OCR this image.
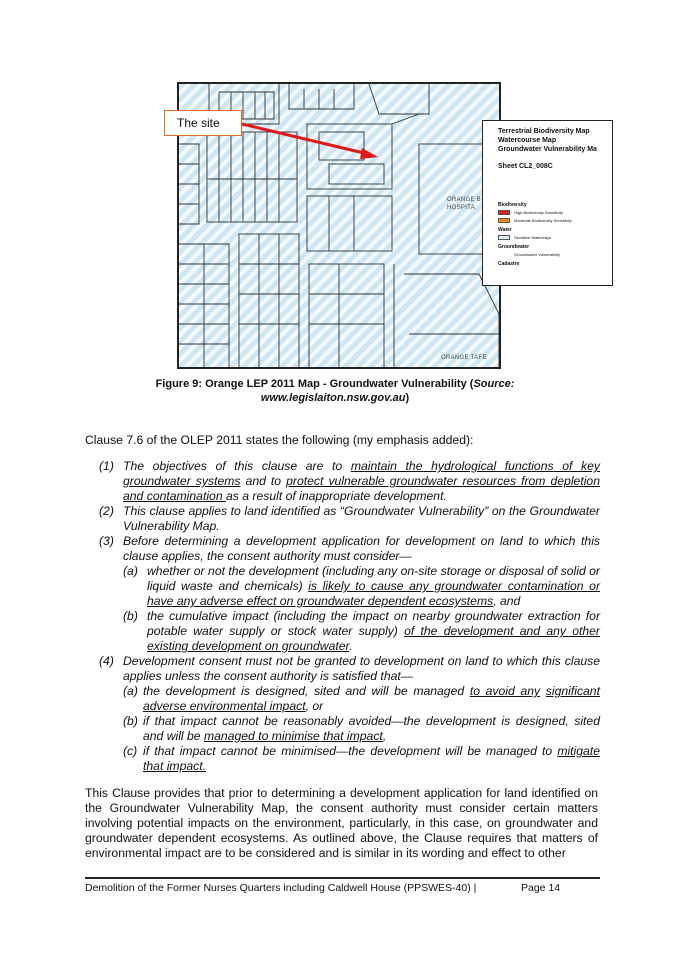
ORANGE B
HOSPITA
ORANGE TAFE
The site
Terrestrial Biodiversity Map
Watercourse Map
Groundwater Vulnerability Ma
Sheet CL2_008C
Biodiversity
High Biodiversity Sensitivity
Moderate Biodiversity Sensitivity
Water
Sensitive Waterways
Groundwater
Groundwater Vulnerability
Cadastre
Figure 9: Orange LEP 2011 Map - Groundwater Vulnerability (Source:
www.legislaiton.nsw.gov.au)
Clause 7.6 of the OLEP 2011 states the following (my emphasis added):
(1) The objectives of this clause are to maintain the hydrological functions of key groundwater systems and to protect vulnerable groundwater resources from depletion and contamination as a result of inappropriate development.
(2) This clause applies to land identified as “Groundwater Vulnerability” on the Groundwater Vulnerability Map.
(3) Before determining a development application for development on land to which this clause applies, the consent authority must consider—
(a) whether or not the development (including any on-site storage or disposal of solid or liquid waste and chemicals) is likely to cause any groundwater contamination or have any adverse effect on groundwater dependent ecosystems, and
(b) the cumulative impact (including the impact on nearby groundwater extraction for potable water supply or stock water supply) of the development and any other existing development on groundwater.
(4) Development consent must not be granted to development on land to which this clause applies unless the consent authority is satisfied that—
(a) the development is designed, sited and will be managed to avoid any significant adverse environmental impact, or
(b) if that impact cannot be reasonably avoided—the development is designed, sited and will be managed to minimise that impact,
(c) if that impact cannot be minimised—the development will be managed to mitigate that impact.
This Clause provides that prior to determining a development application for land identified on the Groundwater Vulnerability Map, the consent authority must consider certain matters involving potential impacts on the environment, particularly, in this case, on groundwater and groundwater dependent ecosystems. As outlined above, the Clause requires that matters of environmental impact are to be considered and is similar in its wording and effect to other
Demolition of the Former Nurses Quarters including Caldwell House (PPSWES-40) |	Page 14
